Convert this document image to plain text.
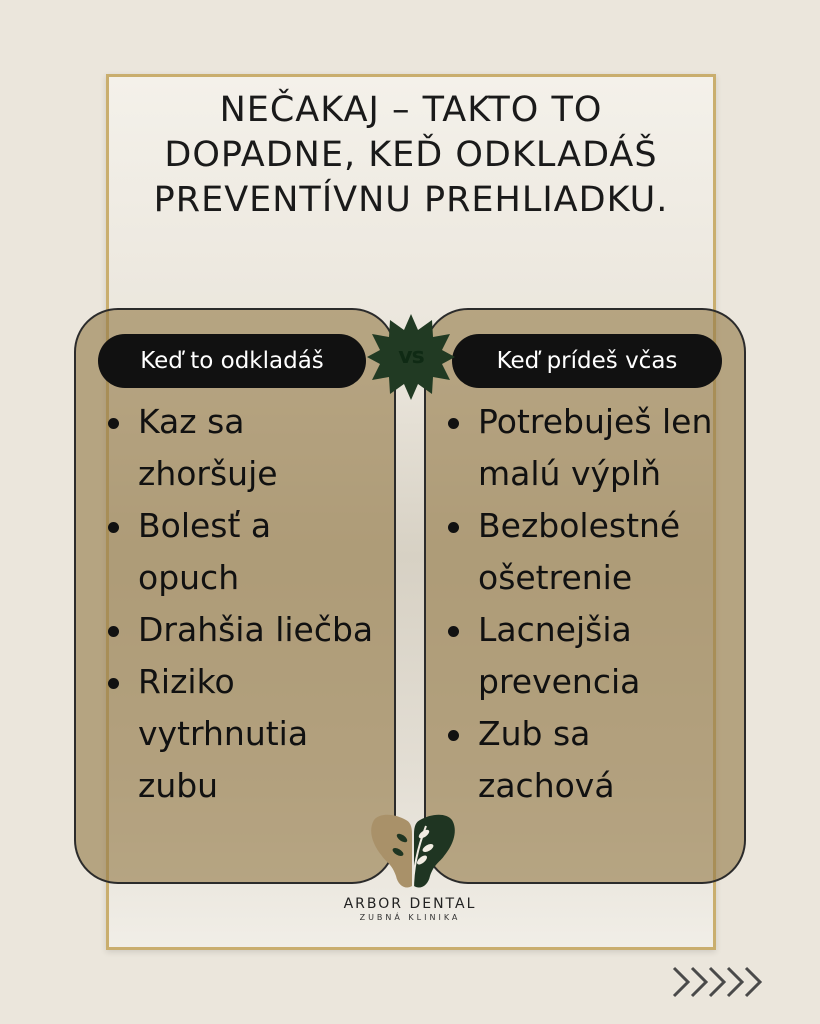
NEČAKAJ – TAKTO TO DOPADNE, KEĎ ODKLADÁŠ PREVENTÍVNU PREHLIADKU.
Keď to odkladáš	Keď prídeš včas
vs
Kaz sa zhoršuje
Bolesť a opuch
Drahšia liečba
Riziko vytrhnutia zubu
Potrebuješ len malú výplň
Bezbolestné ošetrenie
Lacnejšia prevencia
Zub sa zachová
ARBOR DENTAL
ZUBNÁ KLINIKA
